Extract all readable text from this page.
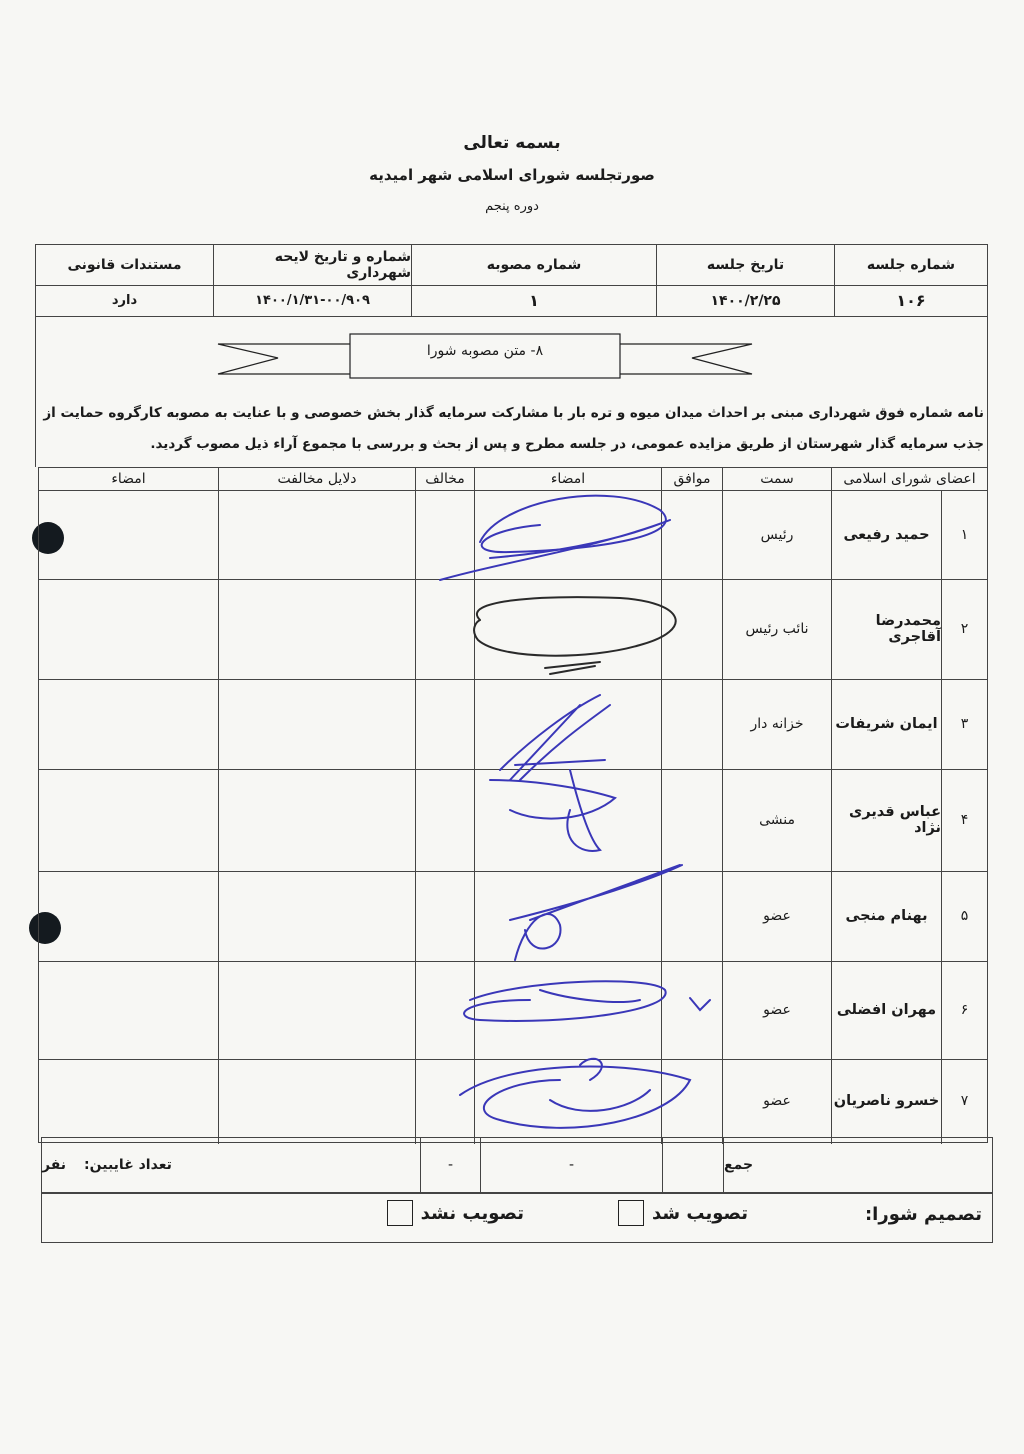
بسمه تعالی
صورتجلسه شورای اسلامی شهر امیدیه
دوره پنجم
شماره جلسه
تاریخ جلسه
شماره مصوبه
شماره و تاریخ لایحه شهرداری
مستندات قانونی
۱۰۶
۱۴۰۰/۲/۲۵
۱
۱۴۰۰/۱/۳۱-۰۰/۹۰۹
دارد
۸- متن مصوبه شورا
نامه شماره فوق شهرداری مبنی بر احداث میدان میوه و تره بار با مشارکت سرمایه گذار بخش خصوصی و با عنایت به مصوبه کارگروه حمایت از
جذب سرمایه گذار شهرستان از طریق مزایده عمومی، در جلسه مطرح و پس از بحث و بررسی با مجموع آراء ذیل مصوب گردید.
اعضای شورای اسلامی
سمت
موافق
امضاء
مخالف
دلایل مخالفت
امضاء
۱
حمید رفیعی
رئیس
۲
محمدرضا آقاجری
نائب رئیس
۳
ایمان شریفات
خزانه دار
۴
عباس قدیری نژاد
منشی
۵
بهنام منجی
عضو
۶
مهران افضلی
عضو
۷
خسرو ناصریان
عضو
جمع
-
-
تعداد غایبین:
نفر
تصمیم شورا:
تصویب شد
تصویب نشد
